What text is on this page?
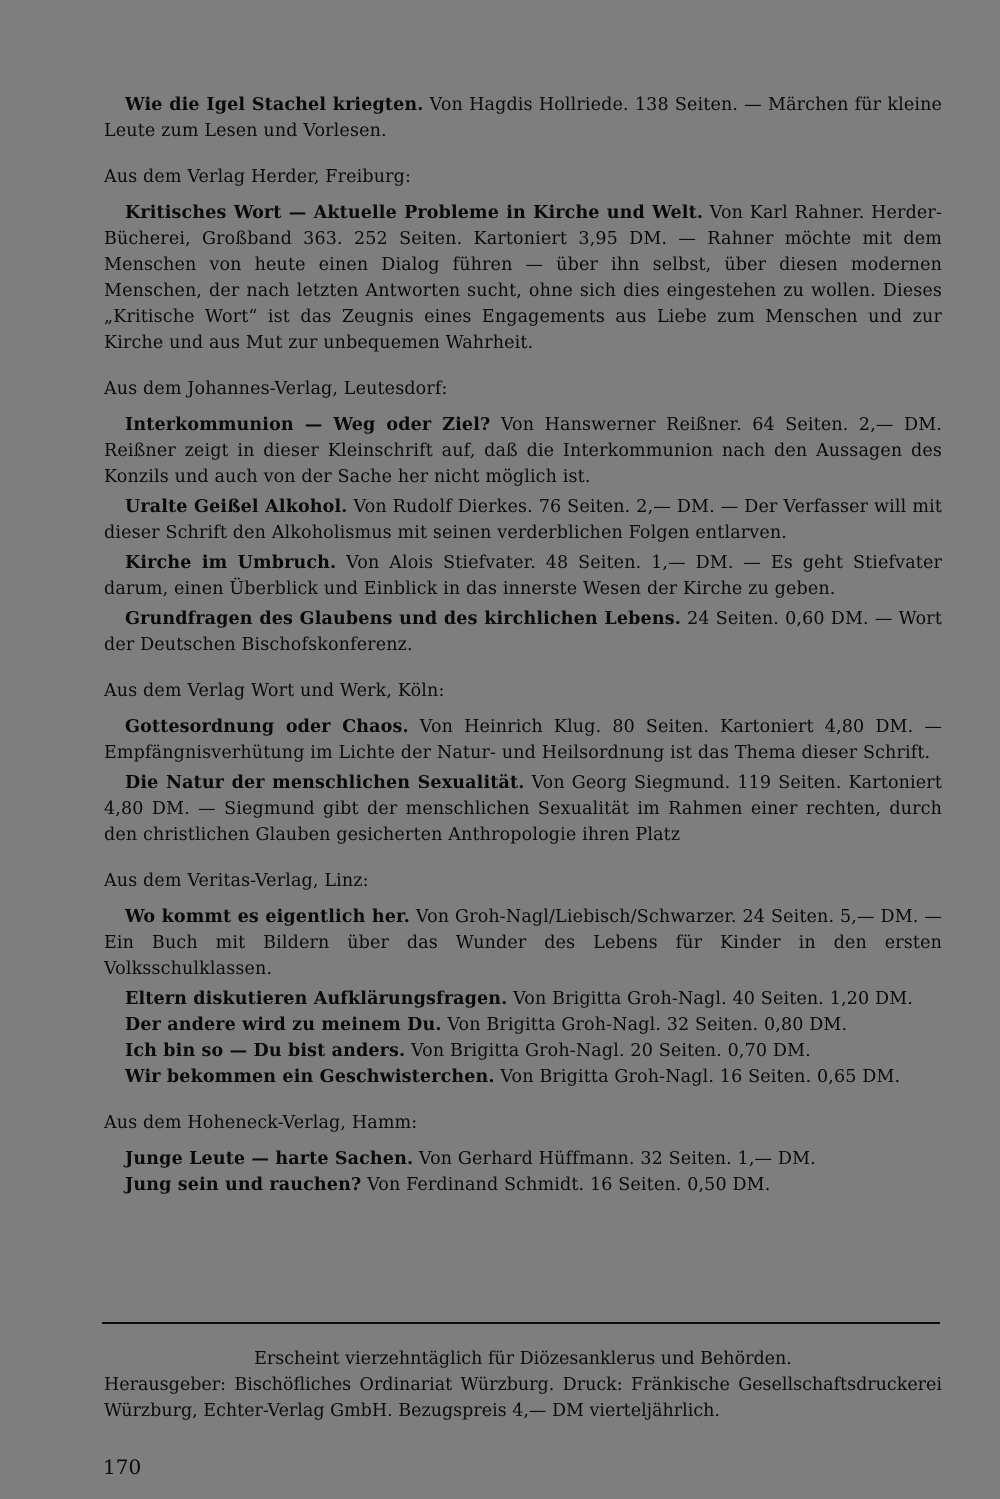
Wie die Igel Stachel kriegten. Von Hagdis Hollriede. 138 Seiten. — Märchen für kleine Leute zum Lesen und Vorlesen.

Aus dem Verlag Herder, Freiburg:

Kritisches Wort — Aktuelle Probleme in Kirche und Welt. Von Karl Rahner. Herder-Bücherei, Großband 363. 252 Seiten. Kartoniert 3,95 DM. — Rahner möchte mit dem Menschen von heute einen Dialog führen — über ihn selbst, über diesen modernen Menschen, der nach letzten Antworten sucht, ohne sich dies eingestehen zu wollen. Dieses „Kritische Wort“ ist das Zeugnis eines Engagements aus Liebe zum Menschen und zur Kirche und aus Mut zur unbequemen Wahrheit.

Aus dem Johannes-Verlag, Leutesdorf:

Interkommunion — Weg oder Ziel? Von Hanswerner Reißner. 64 Seiten. 2,— DM. Reißner zeigt in dieser Kleinschrift auf, daß die Interkommunion nach den Aussagen des Konzils und auch von der Sache her nicht möglich ist.

Uralte Geißel Alkohol. Von Rudolf Dierkes. 76 Seiten. 2,— DM. — Der Verfasser will mit dieser Schrift den Alkoholismus mit seinen verderblichen Folgen entlarven.

Kirche im Umbruch. Von Alois Stiefvater. 48 Seiten. 1,— DM. — Es geht Stiefvater darum, einen Überblick und Einblick in das innerste Wesen der Kirche zu geben.

Grundfragen des Glaubens und des kirchlichen Lebens. 24 Seiten. 0,60 DM. — Wort der Deutschen Bischofskonferenz.

Aus dem Verlag Wort und Werk, Köln:

Gottesordnung oder Chaos. Von Heinrich Klug. 80 Seiten. Kartoniert 4,80 DM. — Empfängnisverhütung im Lichte der Natur- und Heilsordnung ist das Thema dieser Schrift.

Die Natur der menschlichen Sexualität. Von Georg Siegmund. 119 Seiten. Kartoniert 4,80 DM. — Siegmund gibt der menschlichen Sexualität im Rahmen einer rechten, durch den christlichen Glauben gesicherten Anthropologie ihren Platz

Aus dem Veritas-Verlag, Linz:

Wo kommt es eigentlich her. Von Groh-Nagl/Liebisch/Schwarzer. 24 Seiten. 5,— DM. — Ein Buch mit Bildern über das Wunder des Lebens für Kinder in den ersten Volksschulklassen.

Eltern diskutieren Aufklärungsfragen. Von Brigitta Groh-Nagl. 40 Seiten. 1,20 DM.

Der andere wird zu meinem Du. Von Brigitta Groh-Nagl. 32 Seiten. 0,80 DM.

Ich bin so — Du bist anders. Von Brigitta Groh-Nagl. 20 Seiten. 0,70 DM.

Wir bekommen ein Geschwisterchen. Von Brigitta Groh-Nagl. 16 Seiten. 0,65 DM.

Aus dem Hoheneck-Verlag, Hamm:

Junge Leute — harte Sachen. Von Gerhard Hüffmann. 32 Seiten. 1,— DM.

Jung sein und rauchen? Von Ferdinand Schmidt. 16 Seiten. 0,50 DM.

Erscheint vierzehntäglich für Diözesanklerus und Behörden.
Herausgeber: Bischöfliches Ordinariat Würzburg. Druck: Fränkische Gesellschaftsdruckerei Würzburg, Echter-Verlag GmbH. Bezugspreis 4,— DM vierteljährlich.
170
